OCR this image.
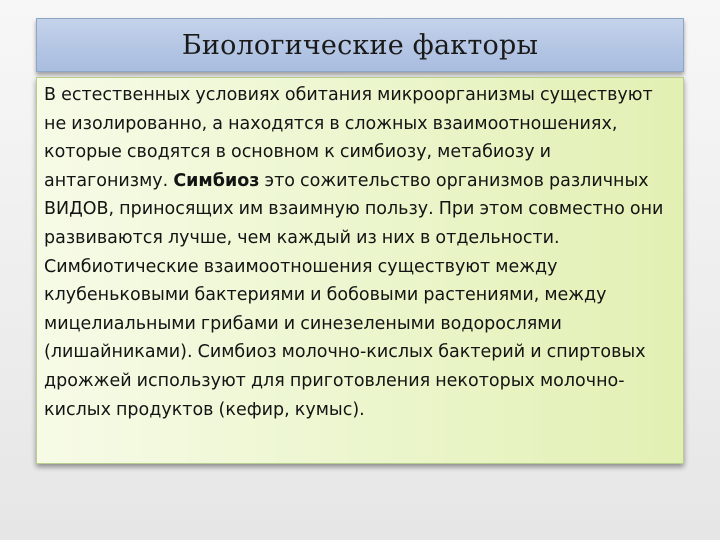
Биологические факторы

В естественных условиях обитания микроорганизмы существуют не изолированно, а находятся в сложных взаимоотношениях, которые сводятся в основном к симбиозу, метабиозу и антагонизму. Симбиоз это сожительство организмов различных ВИДОВ, приносящих им взаимную пользу. При этом совместно они развиваются лучше, чем каждый из них в отдельности. Симбиотические взаимоотношения существуют между клубеньковыми бактериями и бобовыми растениями, между мицелиальными грибами и синезелеными водорослями (лишайниками). Симбиоз молочно-кислых бактерий и спиртовых дрожжей используют для приготовления некоторых молочно- кислых продуктов (кефир, кумыс).
